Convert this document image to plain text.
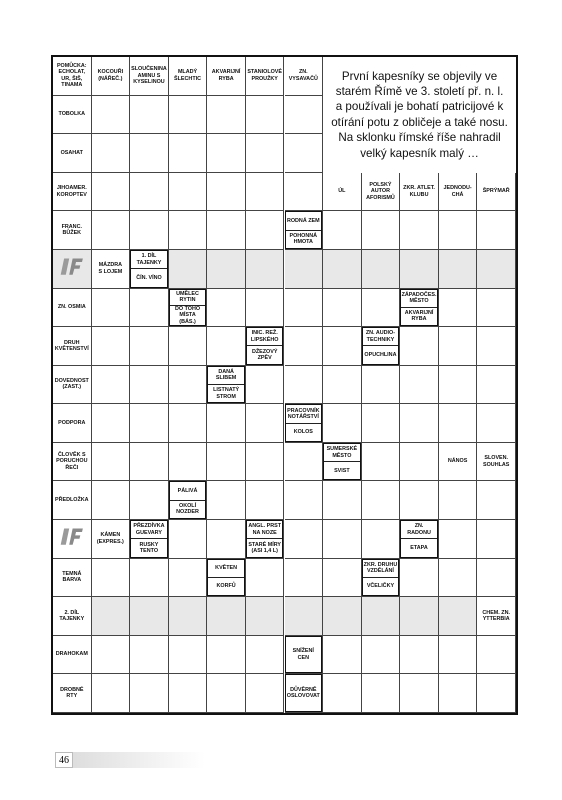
POMŮCKA:
ECHOLAT,
UR, ŠIŠ,
TINAMA
KOCOUŘI
(NÁŘEČ.)
SLOUČENINA
AMINU S
KYSELINOU
MLADÝ
ŠLECHTIC
AKVARIJNÍ
RYBA
STANIOLOVÉ
PROUŽKY
ZN.
VYSAVAČŮ
TOBOLKA
OSAHAT
JIHOAMER.
KOROPTEV
ÚL
POLSKÝ
AUTOR
AFORISMŮ
ZKR. ATLET.
KLUBU
JEDNODU-
CHÁ
ŠPRÝMAŘ
FRANC.
BŮŽEK
RODNÁ ZEM
POHONNÁ
HMOTA
MÁZDRA
S LOJEM
1. DÍL
TAJENKY
ČÍN. VÍNO
ZN. OSMIA
UMĚLEC
RYTIN
DO TOHO
MÍSTA (BÁS.)
ZÁPADOČES.
MĚSTO
AKVARIJNÍ
RYBA
DRUH
KVĚTENSTVÍ
INIC. REŽ.
LIPSKÉHO
DŽEZOVÝ
ZPĚV
ZN. AUDIO-
TECHNIKY
OPUCHLINA
DOVEDNOST
(ZAST.)
DANÁ
SLIBEM
LISTNATÝ
STROM
PODPORA
PRACOVNÍK
NOTÁŘSTVÍ
KOLOS
ČLOVĚK S
PORUCHOU
ŘEČI
SUMERSKÉ
MĚSTO
SVIST
NÁNOS
SLOVEN.
SOUHLAS
PŘEDLOŽKA
PÁLIVÁ
OKOLÍ
NOZDER
KÁMEN
(EXPRES.)
PŘEZDÍVKA
GUEVARY
RUSKY
TENTO
ANGL. PRST
NA NOZE
STARÉ MÍRY
(ASI 1,4 L)
ZN. RADONU
ETAPA
TEMNÁ
BARVA
KVĚTEN
KORFŮ
ZKR. DRUHU
VZDĚLÁNÍ
VČELIČKY
2. DÍL
TAJENKY
CHEM. ZN.
YTTERBIA
DRAHOKAM
SNÍŽENÍ CEN
DROBNÉ RTY
DŮVĚRNĚ
OSLOVOVAT
První kapesníky se objevily ve starém Římě ve 3. století př. n. l. a používali je bohatí patricijové k otírání potu z obličeje a také nosu. Na sklonku římské říše nahradil velký kapesník malý …
46
